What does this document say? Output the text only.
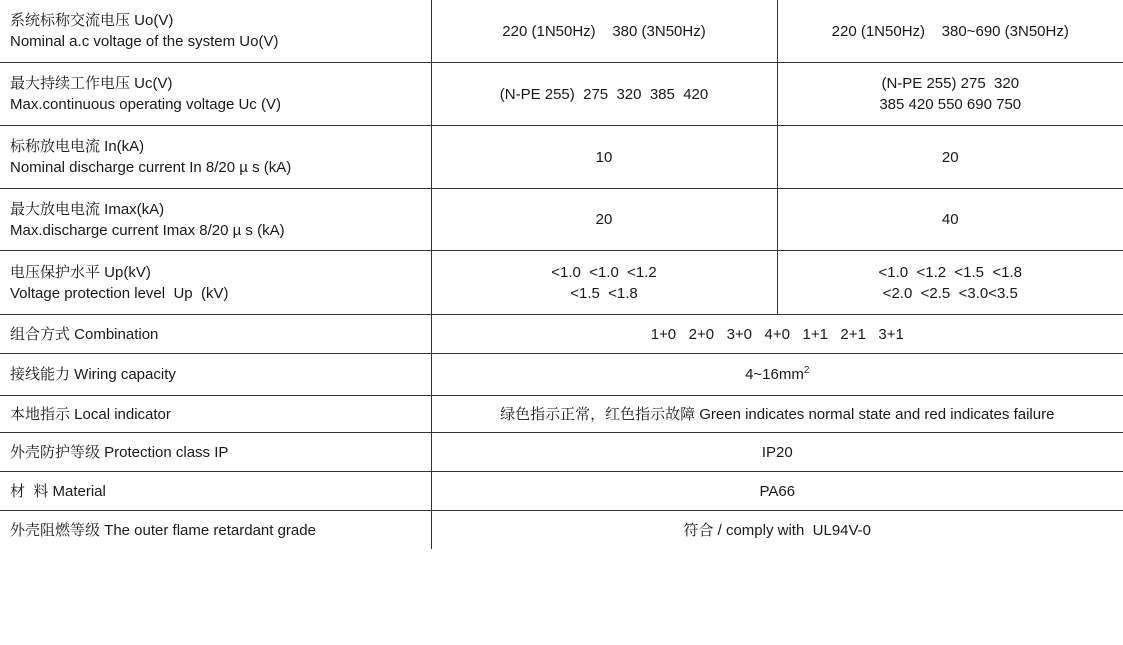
系统标称交流电压 Uo(V)
Nominal a.c voltage of the system Uo(V)	220 (1N50Hz)    380 (3N50Hz)	220 (1N50Hz)    380~690 (3N50Hz)

最大持续工作电压 Uc(V)
Max.continuous operating voltage Uc (V)	(N-PE 255)  275  320  385  420	(N-PE 255) 275  320
385 420 550 690 750

标称放电电流 In(kA)
Nominal discharge current In 8/20 µ s (kA)	10	20

最大放电电流 Imax(kA)
Max.discharge current Imax 8/20 µ s (kA)	20	40

电压保护水平 Up(kV)
Voltage protection level  Up  (kV)	<1.0  <1.0  <1.2
<1.5  <1.8	<1.0  <1.2  <1.5  <1.8
<2.0  <2.5  <3.0<3.5

组合方式 Combination	1+0   2+0   3+0   4+0   1+1   2+1   3+1	
接线能力 Wiring capacity	$4\sim 16mm^2$
本地指示 Local indicator	绿色指示正常，红色指示故障 Green indicates normal state and red indicates failure	
外壳防护等级 Protection class IP	IP20	
材  料 Material	PA66	
外壳阻燃等级 The outer flame retardant grade	符合 / comply with  UL94V-0	
